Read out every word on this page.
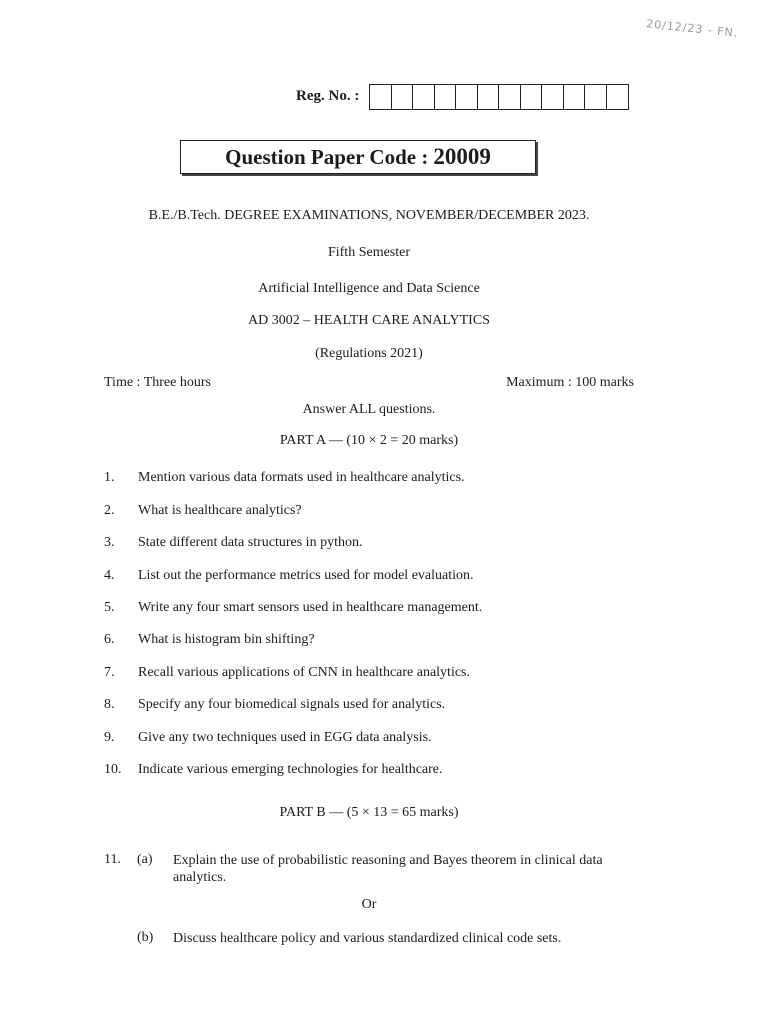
20/12/23 - FN.
Reg. No. :
Question Paper Code : 20009
B.E./B.Tech. DEGREE EXAMINATIONS, NOVEMBER/DECEMBER 2023.
Fifth Semester
Artificial Intelligence and Data Science
AD 3002 – HEALTH CARE ANALYTICS
(Regulations 2021)
Time : Three hours	Maximum : 100 marks
Answer ALL questions.
PART A — (10 × 2 = 20 marks)
1. Mention various data formats used in healthcare analytics.
2. What is healthcare analytics?
3. State different data structures in python.
4. List out the performance metrics used for model evaluation.
5. Write any four smart sensors used in healthcare management.
6. What is histogram bin shifting?
7. Recall various applications of CNN in healthcare analytics.
8. Specify any four biomedical signals used for analytics.
9. Give any two techniques used in EGG data analysis.
10. Indicate various emerging technologies for healthcare.
PART B — (5 × 13 = 65 marks)
11. (a) Explain the use of probabilistic reasoning and Bayes theorem in clinical data analytics.
Or
(b) Discuss healthcare policy and various standardized clinical code sets.
